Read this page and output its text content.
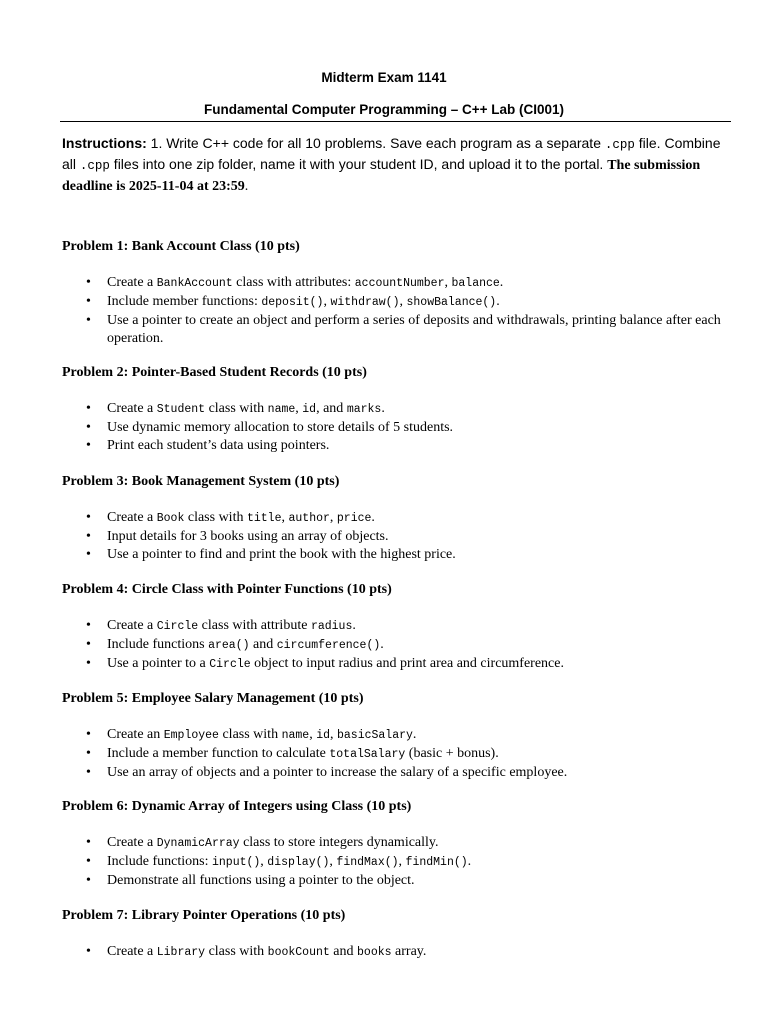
Midterm Exam 1141
Fundamental Computer Programming – C++ Lab (CI001)
Instructions: 1. Write C++ code for all 10 problems. Save each program as a separate .cpp file. Combine all .cpp files into one zip folder, name it with your student ID, and upload it to the portal. The submission deadline is 2025-11-04 at 23:59.
Problem 1: Bank Account Class (10 pts)
• Create a BankAccount class with attributes: accountNumber, balance.
• Include member functions: deposit(), withdraw(), showBalance().
• Use a pointer to create an object and perform a series of deposits and withdrawals, printing balance after each operation.
Problem 2: Pointer-Based Student Records (10 pts)
• Create a Student class with name, id, and marks.
• Use dynamic memory allocation to store details of 5 students.
• Print each student’s data using pointers.
Problem 3: Book Management System (10 pts)
• Create a Book class with title, author, price.
• Input details for 3 books using an array of objects.
• Use a pointer to find and print the book with the highest price.
Problem 4: Circle Class with Pointer Functions (10 pts)
• Create a Circle class with attribute radius.
• Include functions area() and circumference().
• Use a pointer to a Circle object to input radius and print area and circumference.
Problem 5: Employee Salary Management (10 pts)
• Create an Employee class with name, id, basicSalary.
• Include a member function to calculate totalSalary (basic + bonus).
• Use an array of objects and a pointer to increase the salary of a specific employee.
Problem 6: Dynamic Array of Integers using Class (10 pts)
• Create a DynamicArray class to store integers dynamically.
• Include functions: input(), display(), findMax(), findMin().
• Demonstrate all functions using a pointer to the object.
Problem 7: Library Pointer Operations (10 pts)
• Create a Library class with bookCount and books array.
